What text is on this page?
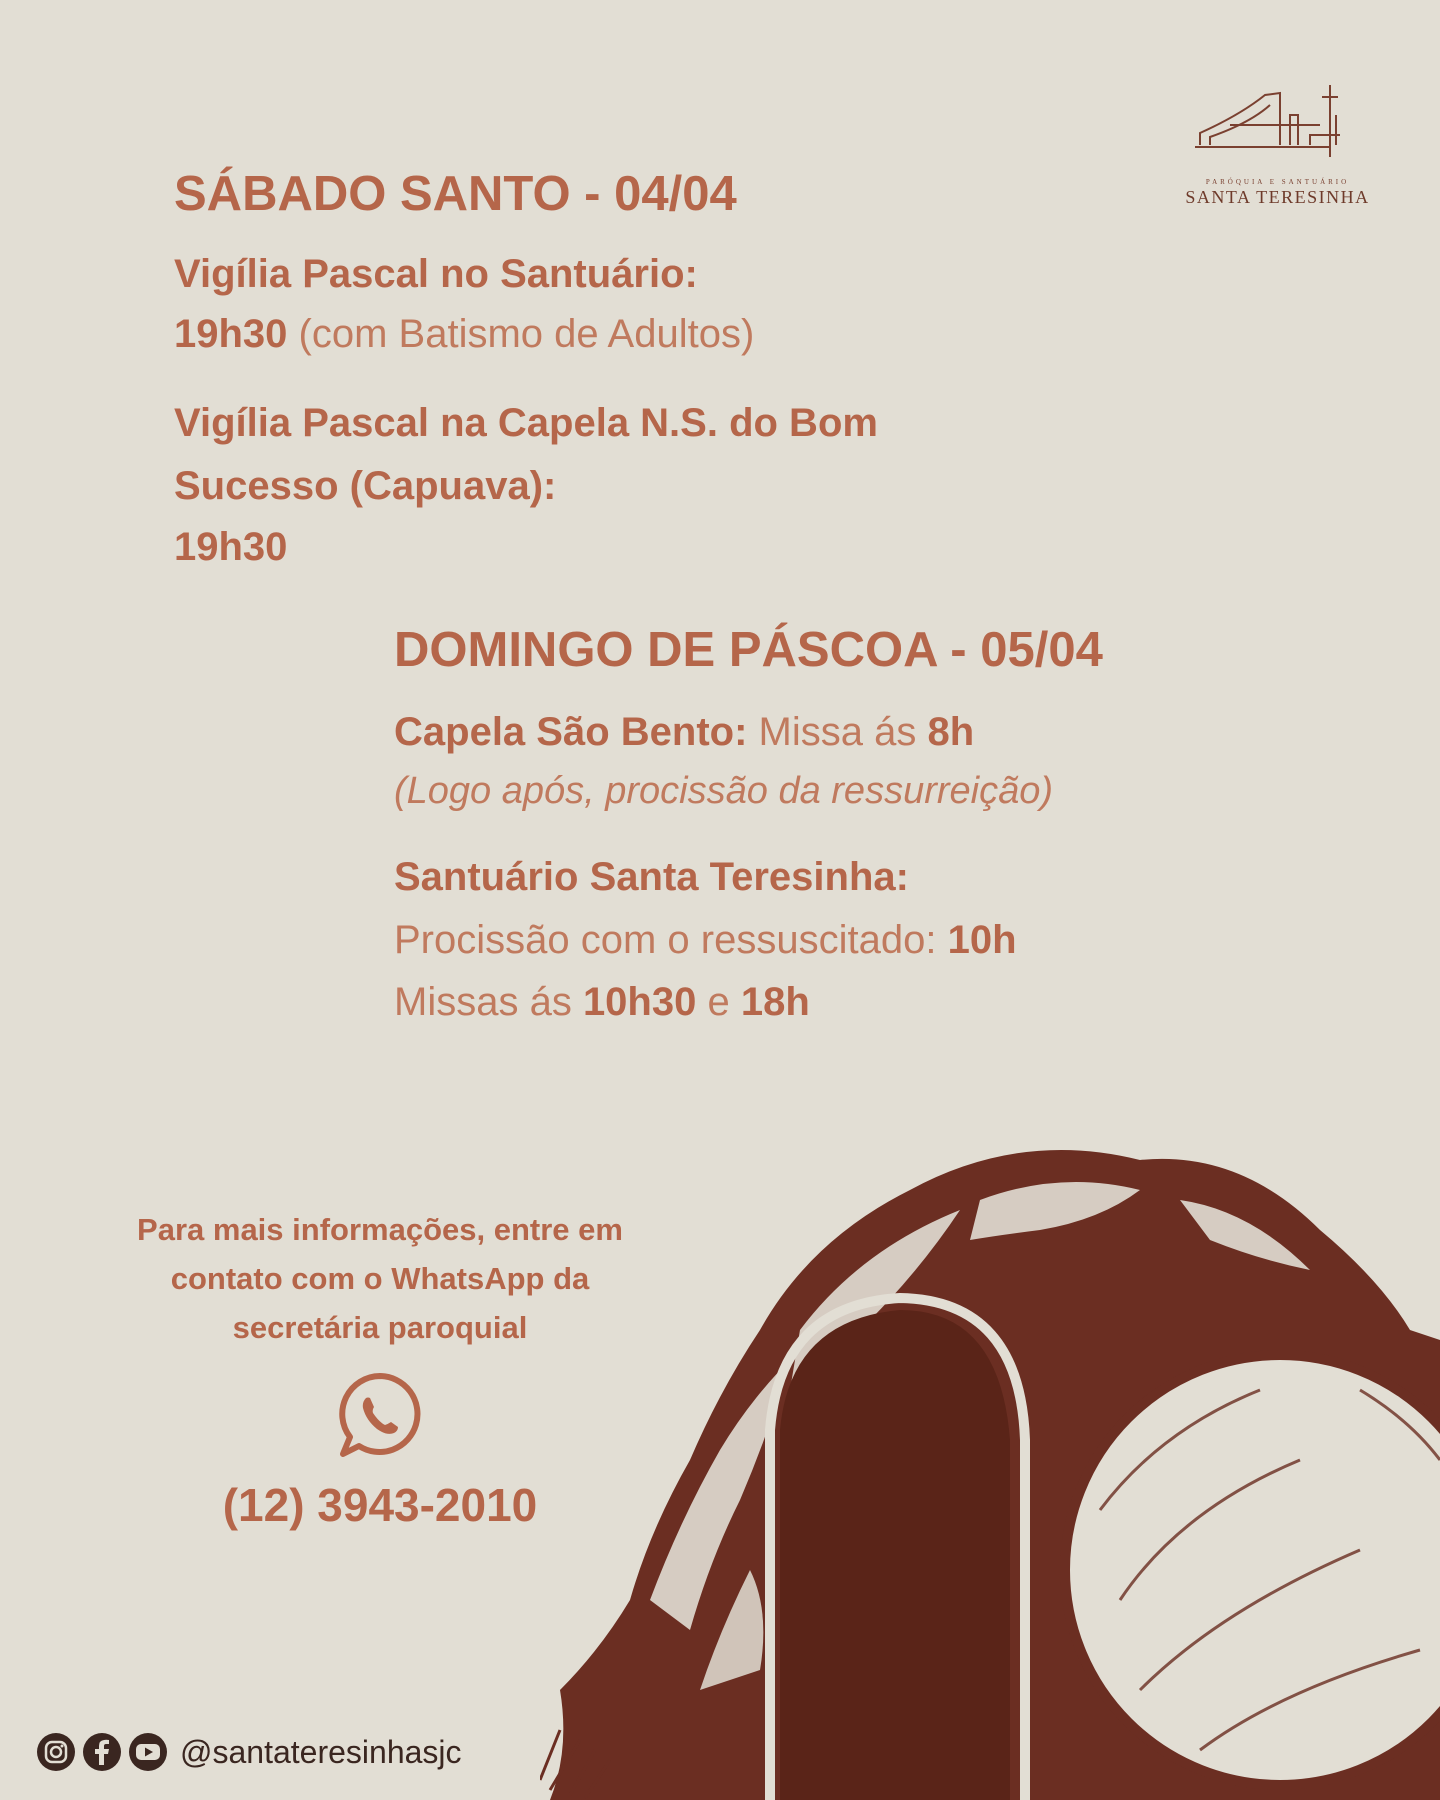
PARÓQUIA E SANTUÁRIO
SANTA TERESINHA
SÁBADO SANTO - 04/04
Vigília Pascal no Santuário:
19h30 (com Batismo de Adultos)
Vigília Pascal na Capela N.S. do Bom
Sucesso (Capuava):
19h30
DOMINGO DE PÁSCOA - 05/04
Capela São Bento: Missa ás 8h
(Logo após, procissão da ressurreição)
Santuário Santa Teresinha:
Procissão com o ressuscitado: 10h
Missas ás 10h30 e 18h
Para mais informações, entre em
contato com o WhatsApp da
secretária paroquial
(12) 3943-2010
@santateresinhasjc
